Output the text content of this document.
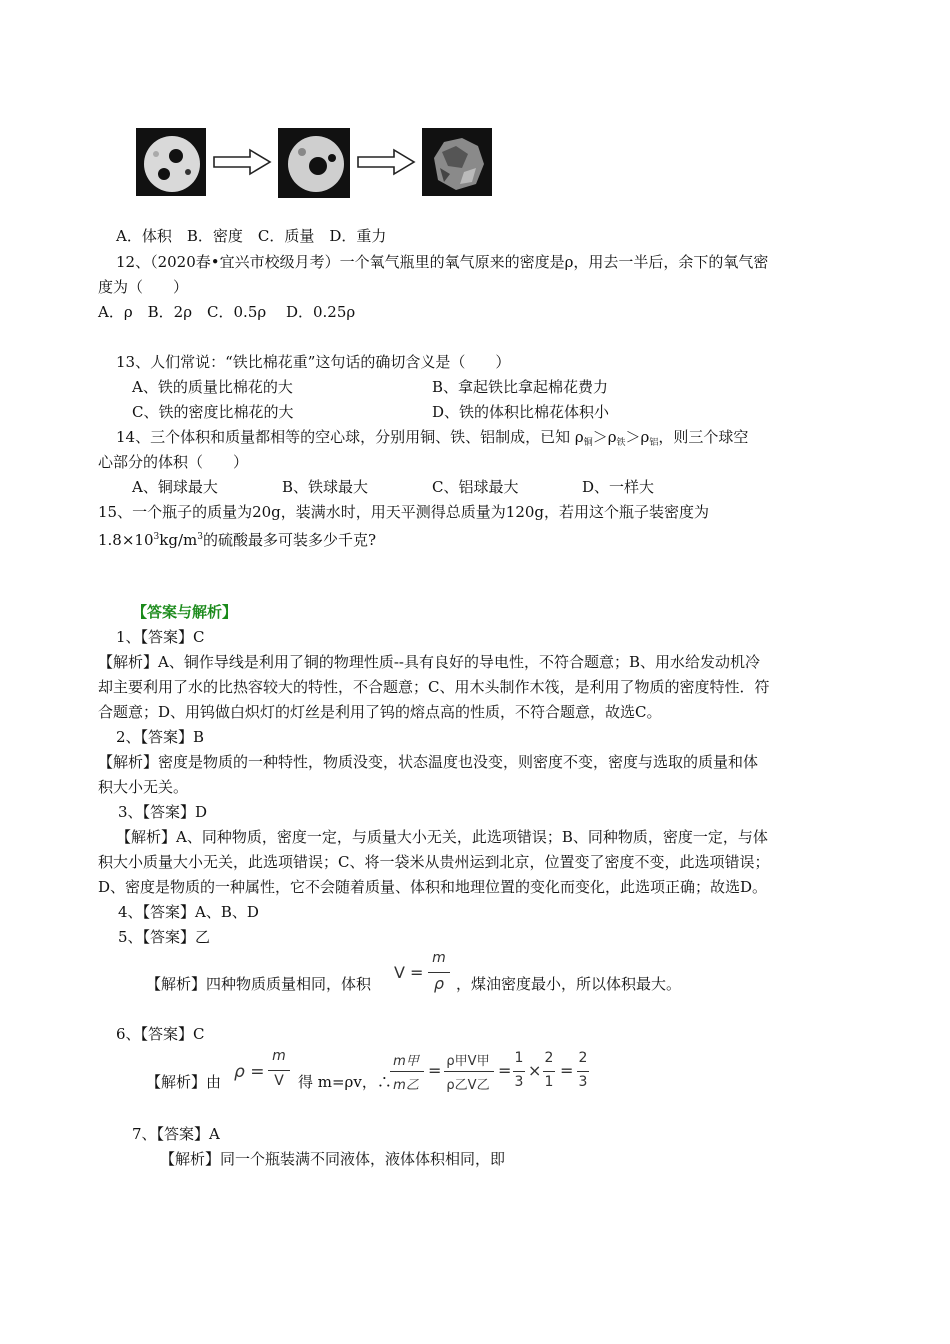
A．体积　B．密度　C．质量　D．重力
12、（2020春•宜兴市校级月考）一个氧气瓶里的氧气原来的密度是ρ，用去一半后，余下的氧气密
度为（　　）
A．ρ　B．2ρ　C．0.5ρ　 D．0.25ρ
13、人们常说：“铁比棉花重”这句话的确切含义是（　　）
A、铁的质量比棉花的大	B、拿起铁比拿起棉花费力
C、铁的密度比棉花的大	D、铁的体积比棉花体积小
14、三个体积和质量都相等的空心球，分别用铜、铁、铝制成，已知 $\rho_铜>\rho_铁>\rho_铝$，则三个球空
心部分的体积（　　）
A、铜球最大	B、铁球最大	C、铝球最大	D、一样大
15、一个瓶子的质量为20g，装满水时，用天平测得总质量为120g，若用这个瓶子装密度为
$1.8\times 10^3kg/m^3$的硫酸最多可装多少千克?
【答案与解析】
1、【答案】C
【解析】A、铜作导线是利用了铜的物理性质--具有良好的导电性，不符合题意；B、用水给发动机冷
却主要利用了水的比热容较大的特性，不合题意；C、用木头制作木筏，是利用了物质的密度特性．符
合题意；D、用钨做白炽灯的灯丝是利用了钨的熔点高的性质，不符合题意，故选C。
2、【答案】B
【解析】密度是物质的一种特性，物质没变，状态温度也没变，则密度不变，密度与选取的质量和体
积大小无关。
3、【答案】D
【解析】A、同种物质，密度一定，与质量大小无关，此选项错误；B、同种物质，密度一定，与体
积大小质量大小无关，此选项错误；C、将一袋米从贵州运到北京，位置变了密度不变，此选项错误；
D、密度是物质的一种属性，它不会随着质量、体积和地理位置的变化而变化，此选项正确；故选D。
4、【答案】A、B、D
5、【答案】乙
【解析】四种物质质量相同，体积
V =
m
ρ ，煤油密度最小，所以体积最大。
6、【答案】C
【解析】由 ρ =
m
V 得 m=ρv，∴
m甲
m乙
= ρ甲V甲
ρ乙V乙
=
1
3
×
2
1
=
2
3
7、【答案】A
【解析】同一个瓶装满不同液体，液体体积相同，即
